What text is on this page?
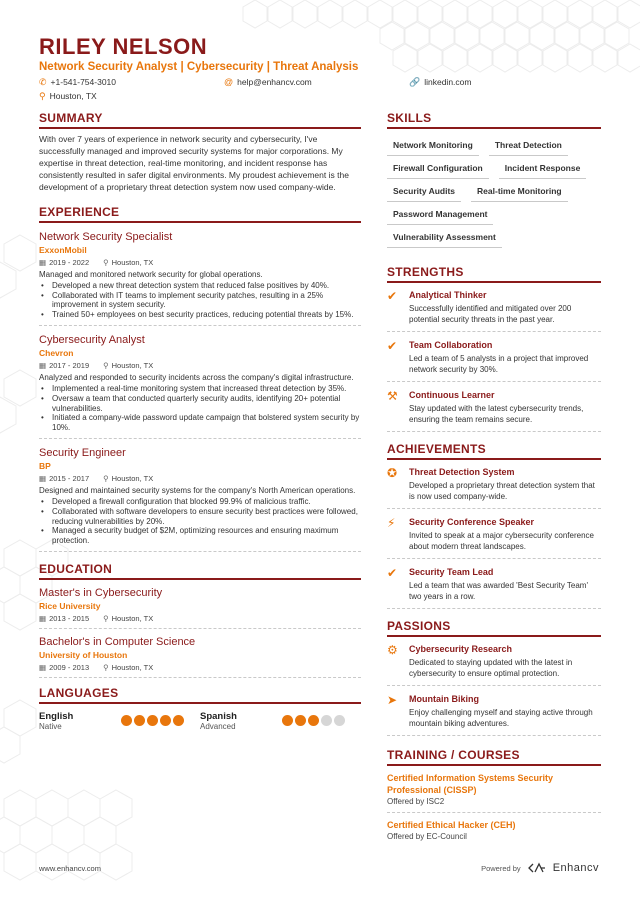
RILEY NELSON
Network Security Analyst | Cybersecurity | Threat Analysis
✆ +1-541-754-3010	@ help@enhancv.com	🔗 linkedin.com
⚲ Houston, TX
SUMMARY
With over 7 years of experience in network security and cybersecurity, I've successfully managed and improved security systems for major corporations. My expertise in threat detection, real-time monitoring, and incident response has consistently resulted in safer digital environments. My proudest achievement is the development of a proprietary threat detection system now used company-wide.
EXPERIENCE
Network Security Specialist
ExxonMobil
▦ 2019 - 2022 ⚲ Houston, TX
Managed and monitored network security for global operations.
• Developed a new threat detection system that reduced false positives by 40%.
• Collaborated with IT teams to implement security patches, resulting in a 25% improvement in system security.
• Trained 50+ employees on best security practices, reducing potential threats by 15%.
Cybersecurity Analyst
Chevron
▦ 2017 - 2019 ⚲ Houston, TX
Analyzed and responded to security incidents across the company's digital infrastructure.
• Implemented a real-time monitoring system that increased threat detection by 35%.
• Oversaw a team that conducted quarterly security audits, identifying 20+ potential vulnerabilities.
• Initiated a company-wide password update campaign that bolstered system security by 10%.
Security Engineer
BP
▦ 2015 - 2017 ⚲ Houston, TX
Designed and maintained security systems for the company's North American operations.
• Developed a firewall configuration that blocked 99.9% of malicious traffic.
• Collaborated with software developers to ensure security best practices were followed, reducing vulnerabilities by 20%.
• Managed a security budget of $2M, optimizing resources and ensuring maximum protection.
EDUCATION
Master's in Cybersecurity
Rice University
▦ 2013 - 2015 ⚲ Houston, TX
Bachelor's in Computer Science
University of Houston
▦ 2009 - 2013 ⚲ Houston, TX
LANGUAGES
English
Native
Spanish
Advanced
SKILLS
Network Monitoring	Threat Detection
Firewall Configuration	Incident Response
Security Audits	Real-time Monitoring
Password Management
Vulnerability Assessment
STRENGTHS
✔	Analytical Thinker
Successfully identified and mitigated over 200 potential security threats in the past year.
✔	Team Collaboration
Led a team of 5 analysts in a project that improved network security by 30%.
⚒	Continuous Learner
Stay updated with the latest cybersecurity trends, ensuring the team remains secure.
ACHIEVEMENTS
✪	Threat Detection System
Developed a proprietary threat detection system that is now used company-wide.
⚡	Security Conference Speaker
Invited to speak at a major cybersecurity conference about modern threat landscapes.
✔	Security Team Lead
Led a team that was awarded 'Best Security Team' two years in a row.
PASSIONS
⚙	Cybersecurity Research
Dedicated to staying updated with the latest in cybersecurity to ensure optimal protection.
➤	Mountain Biking
Enjoy challenging myself and staying active through mountain biking adventures.
TRAINING / COURSES
Certified Information Systems Security Professional (CISSP)
Offered by ISC2
Certified Ethical Hacker (CEH)
Offered by EC-Council
www.enhancv.com	Powered by	Enhancv
